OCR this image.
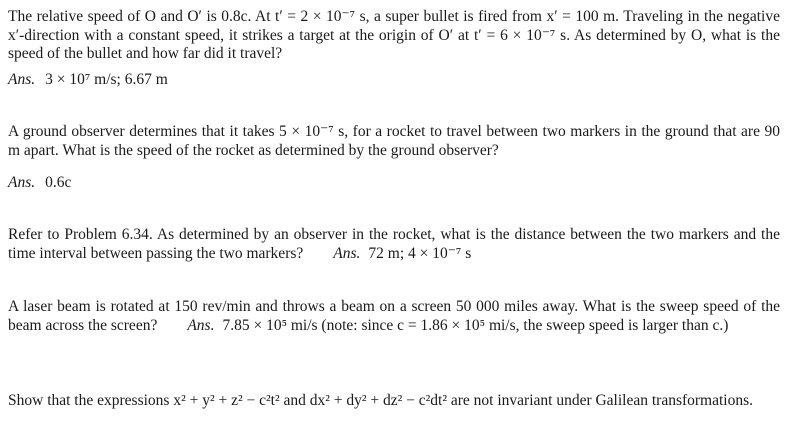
The relative speed of O and O′ is 0.8c. At t′ = 2 × 10⁻⁷ s, a super bullet is fired from x′ = 100 m. Traveling in the negative x′-direction with a constant speed, it strikes a target at the origin of O′ at t′ = 6 × 10⁻⁷ s. As determined by O, what is the speed of the bullet and how far did it travel?
Ans. 3 × 10⁷ m/s; 6.67 m
A ground observer determines that it takes 5 × 10⁻⁷ s, for a rocket to travel between two markers in the ground that are 90 m apart. What is the speed of the rocket as determined by the ground observer?
Ans. 0.6c
Refer to Problem 6.34. As determined by an observer in the rocket, what is the distance between the two markers and the time interval between passing the two markers? Ans. 72 m; 4 × 10⁻⁷ s
A laser beam is rotated at 150 rev/min and throws a beam on a screen 50 000 miles away. What is the sweep speed of the beam across the screen? Ans. 7.85 × 10⁵ mi/s (note: since c = 1.86 × 10⁵ mi/s, the sweep speed is larger than c.)
Show that the expressions x² + y² + z² − c²t² and dx² + dy² + dz² − c²dt² are not invariant under Galilean transformations.
